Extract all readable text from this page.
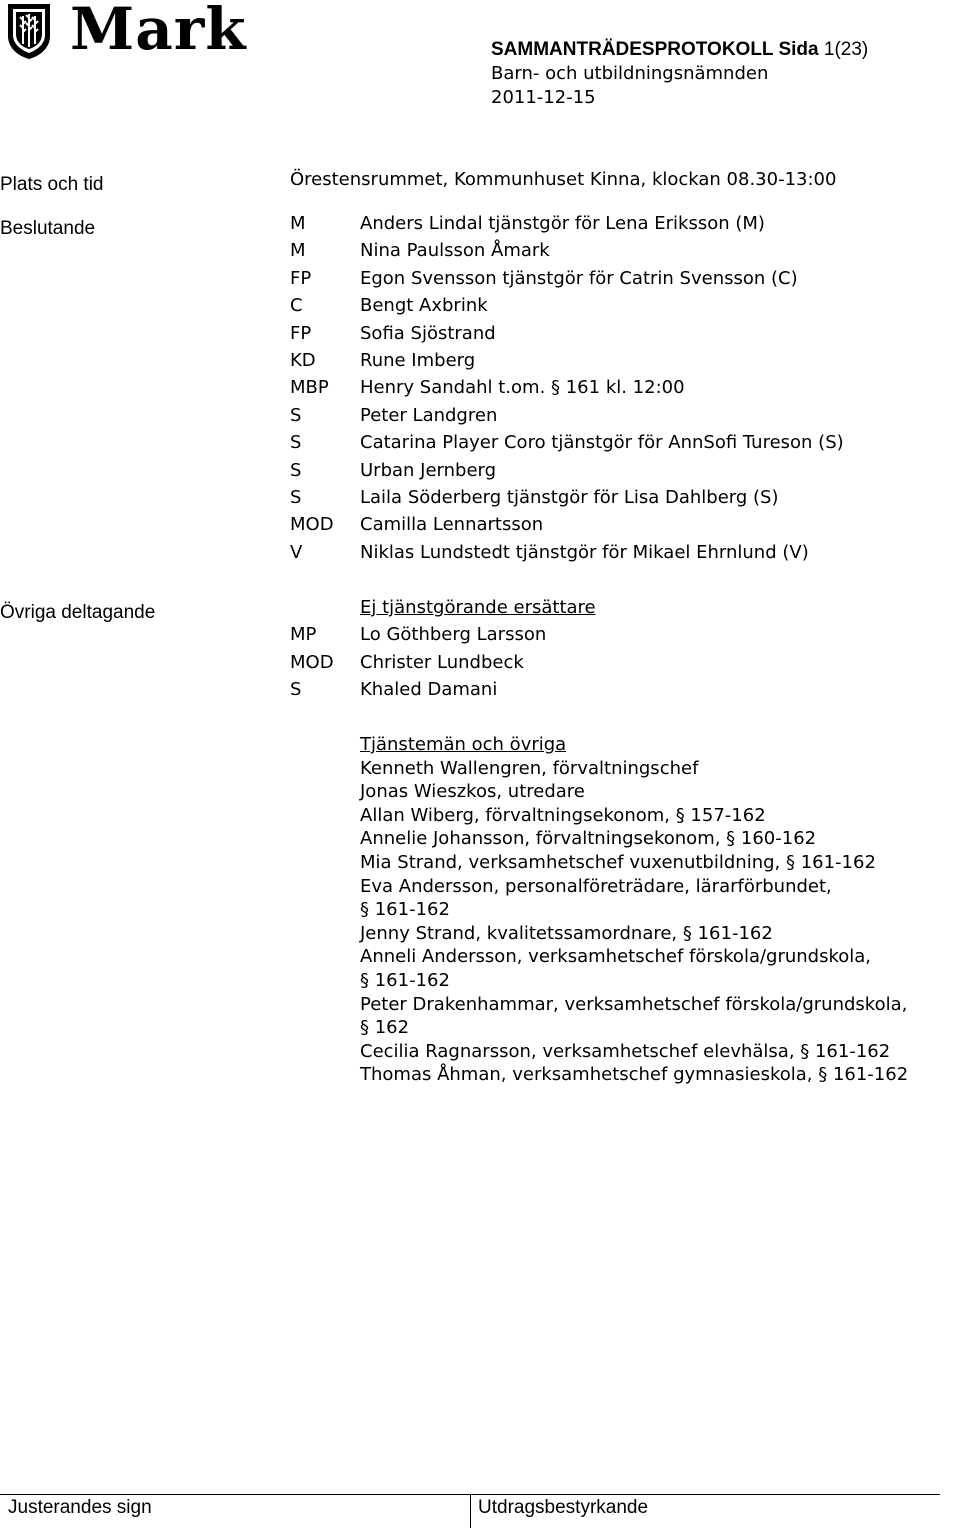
Mark	SAMMANTRÄDESPROTOKOLL Sida 1(23)
Barn- och utbildningsnämnden
2011-12-15
Plats och tid	Örestensrummet, Kommunhuset Kinna, klockan 08.30-13:00
Beslutande	M	Anders Lindal tjänstgör för Lena Eriksson (M)
M	Nina Paulsson Åmark
FP	Egon Svensson tjänstgör för Catrin Svensson (C)
C	Bengt Axbrink
FP	Sofia Sjöstrand
KD Rune Imberg
MBP Henry Sandahl t.om. § 161 kl. 12:00
S	Peter Landgren
S	Catarina Player Coro tjänstgör för AnnSofi Tureson (S)
S	Urban Jernberg
S	Laila Söderberg tjänstgör för Lisa Dahlberg (S)
MOD Camilla Lennartsson
V	Niklas Lundstedt tjänstgör för Mikael Ehrnlund (V)
Övriga deltagande	Ej tjänstgörande ersättare
MP Lo Göthberg Larsson
MOD Christer Lundbeck
S	Khaled Damani
Tjänstemän och övriga
Kenneth Wallengren, förvaltningschef
Jonas Wieszkos, utredare
Allan Wiberg, förvaltningsekonom, § 157-162
Annelie Johansson, förvaltningsekonom, § 160-162
Mia Strand, verksamhetschef vuxenutbildning, § 161-162
Eva Andersson, personalföreträdare, lärarförbundet,
§ 161-162
Jenny Strand, kvalitetssamordnare, § 161-162
Anneli Andersson, verksamhetschef förskola/grundskola,
§ 161-162
Peter Drakenhammar, verksamhetschef förskola/grundskola,
§ 162
Cecilia Ragnarsson, verksamhetschef elevhälsa, § 161-162
Thomas Åhman, verksamhetschef gymnasieskola, § 161-162
Justerandes sign	Utdragsbestyrkande
